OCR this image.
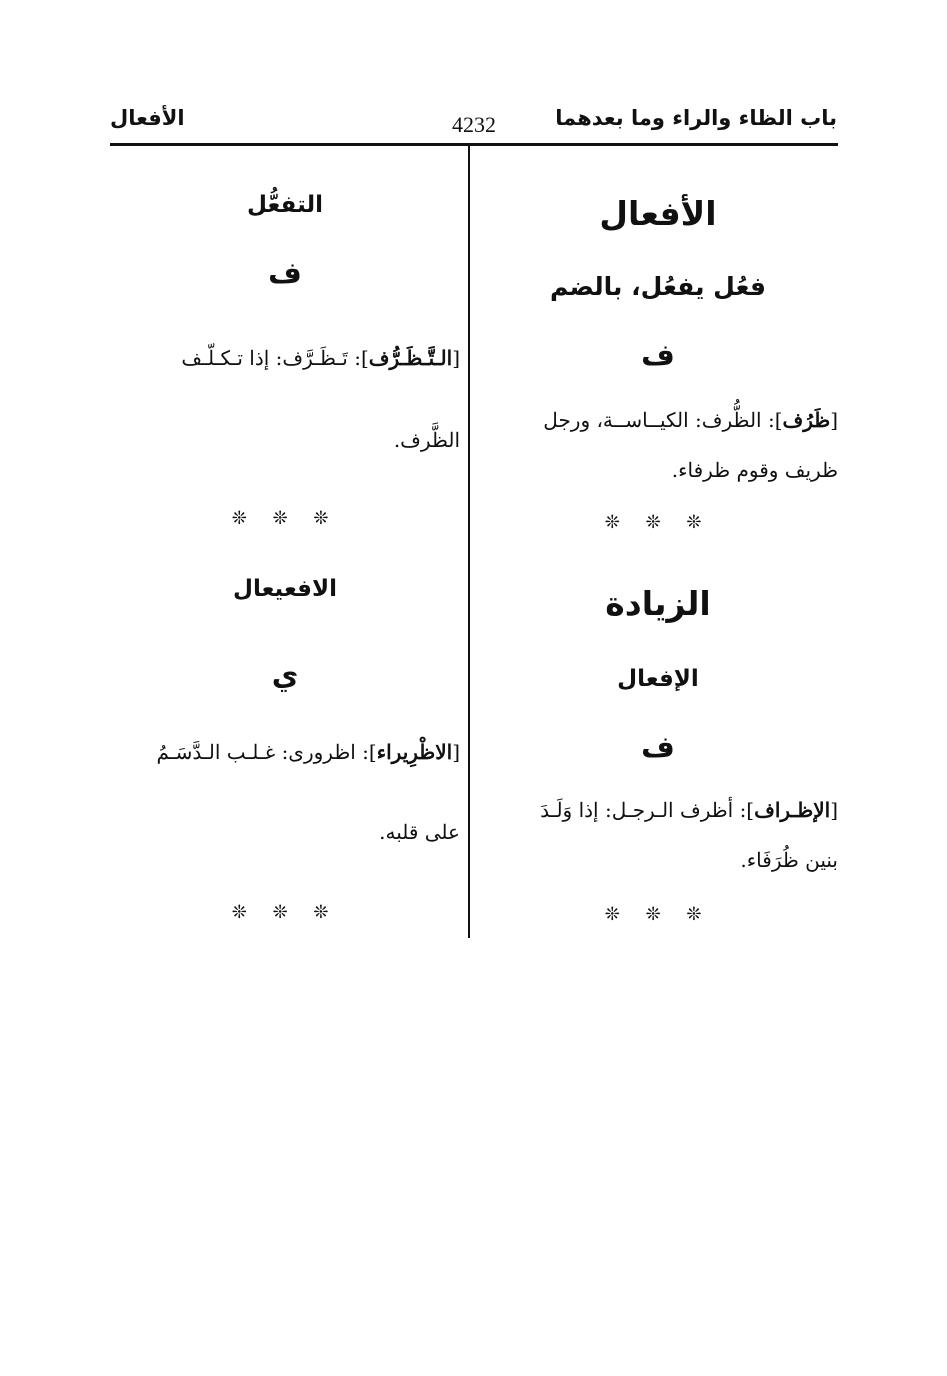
باب الظاء والراء وما بعدهما
4232
الأفعال
الأفعال
فعُل يفعُل، بالضم
ف
[ظَرُف]: الظُّرف: الكيــاســة، ورجل
ظريف وقوم ظرفاء.
❊ ❊ ❊
الزيادة
الإفعال
ف
[الإظـراف]: أظرف الـرجـل: إذا وَلَـدَ
بنين ظُرَفَاء.
❊ ❊ ❊
التفعُّل
ف
[الـتَّـظَـرُّف]: تَـظَـرَّف: إذا تـكـلّـف
الظَّرف.
❊ ❊ ❊
الافعيعال
ي
[الاظْرِيراء]: اظروری: غـلـب الـدَّسَـمُ
على قلبه.
❊ ❊ ❊
